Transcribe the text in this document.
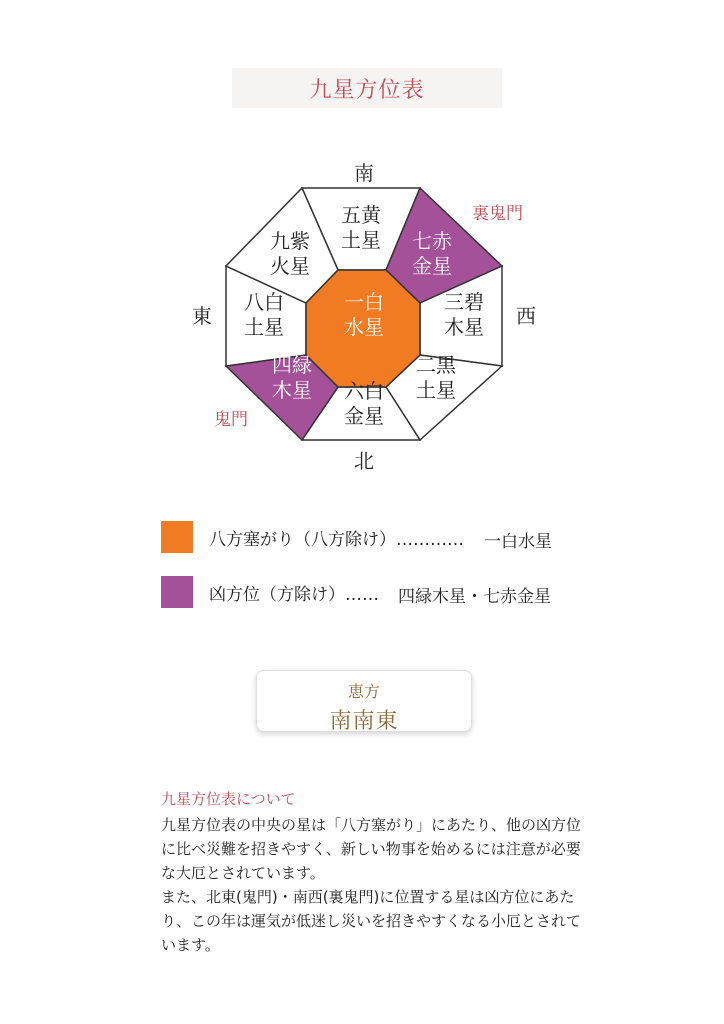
九星方位表
一白
水星
五黄
土星 七赤
金星
三碧
木星
二黒
土星
六白
金星
四緑
木星
八白
土星
九紫
火星
南
北
東	西
裏鬼門
鬼門
八方塞がり（八方除け）………… 一白水星
凶方位（方除け）…… 四緑木星・七赤金星
恵方
南南東
九星方位表について

九星方位表の中央の星は「八方塞がり」にあたり、他の凶方位に比べ災難を招きやすく、新しい物事を始めるには注意が必要な大厄とされています。

また、北東(鬼門)・南西(裏鬼門)に位置する星は凶方位にあたり、この年は運気が低迷し災いを招きやすくなる小厄とされています。
